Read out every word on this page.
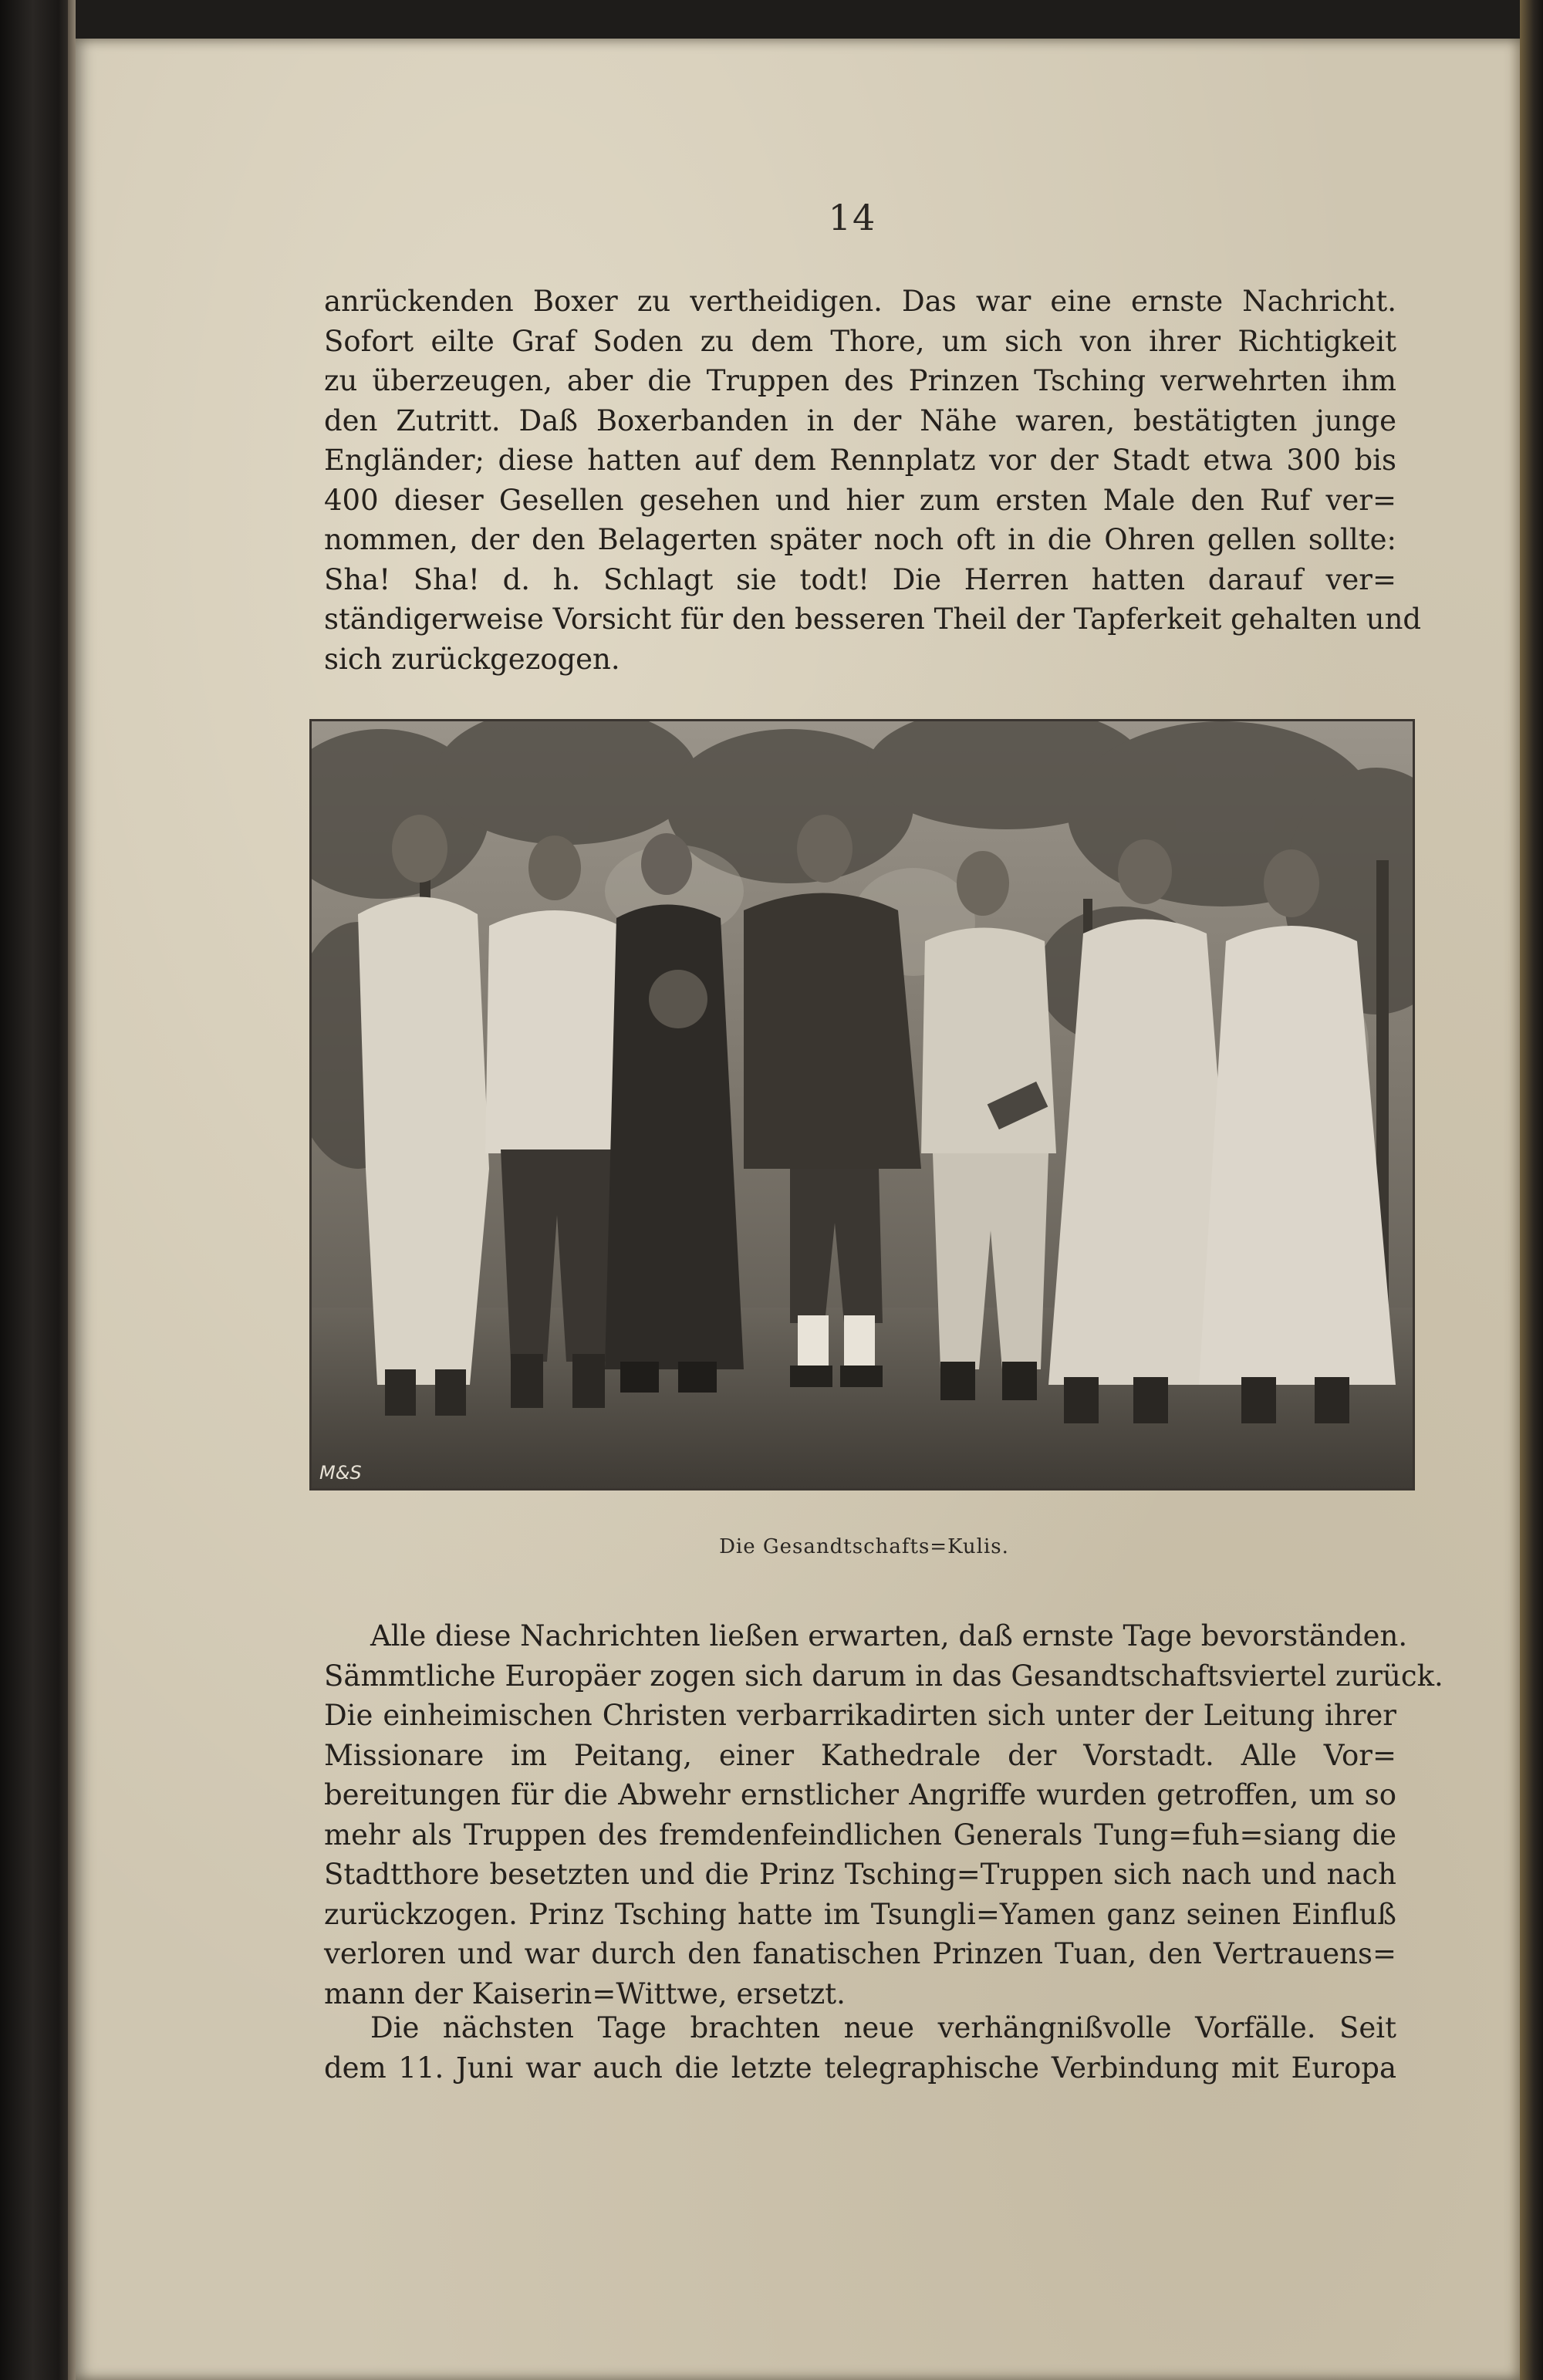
14
anrückenden Boxer zu vertheidigen. Das war eine ernste Nachricht.
Sofort eilte Graf Soden zu dem Thore, um sich von ihrer Richtigkeit
zu überzeugen, aber die Truppen des Prinzen Tsching verwehrten ihm
den Zutritt. Daß Boxerbanden in der Nähe waren, bestätigten junge
Engländer; diese hatten auf dem Rennplatz vor der Stadt etwa 300 bis
400 dieser Gesellen gesehen und hier zum ersten Male den Ruf ver=
nommen, der den Belagerten später noch oft in die Ohren gellen sollte:
Sha! Sha! d. h. Schlagt sie todt! Die Herren hatten darauf ver=
ständigerweise Vorsicht für den besseren Theil der Tapferkeit gehalten und
sich zurückgezogen.
M&S
Die Gesandtschafts=Kulis.
Alle diese Nachrichten ließen erwarten, daß ernste Tage bevorständen.
Sämmtliche Europäer zogen sich darum in das Gesandtschaftsviertel zurück.
Die einheimischen Christen verbarrikadirten sich unter der Leitung ihrer
Missionare im Peitang, einer Kathedrale der Vorstadt. Alle Vor=
bereitungen für die Abwehr ernstlicher Angriffe wurden getroffen, um so
mehr als Truppen des fremdenfeindlichen Generals Tung=fuh=siang die
Stadtthore besetzten und die Prinz Tsching=Truppen sich nach und nach
zurückzogen. Prinz Tsching hatte im Tsungli=Yamen ganz seinen Einfluß
verloren und war durch den fanatischen Prinzen Tuan, den Vertrauens=
mann der Kaiserin=Wittwe, ersetzt.
Die nächsten Tage brachten neue verhängnißvolle Vorfälle. Seit
dem 11. Juni war auch die letzte telegraphische Verbindung mit Europa
